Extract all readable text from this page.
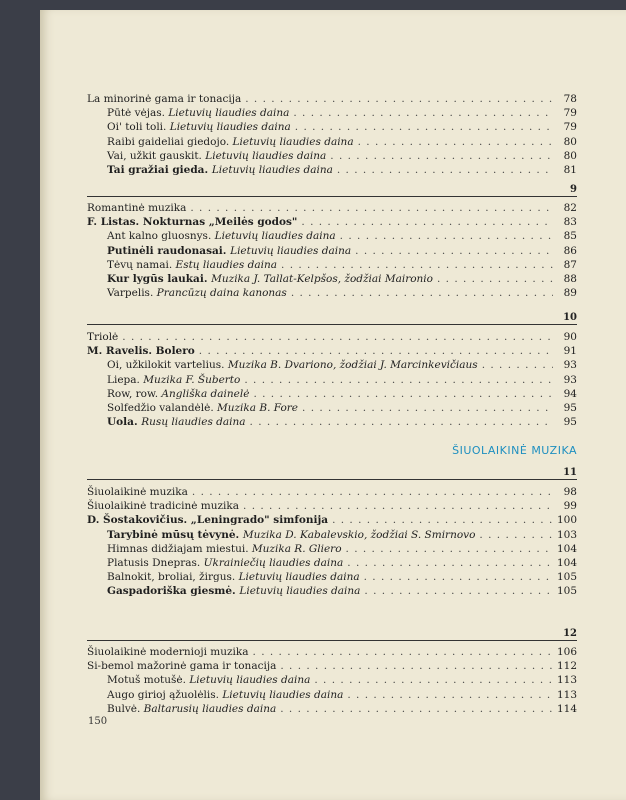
La minorinė gama ir tonacija . . .	78
Pūtė vėjas. Lietuvių liaudies daina . . .	79
Oi' toli toli. Lietuvių liaudies daina . . .	79
Raibi gaideliai giedojo. Lietuvių liaudies daina . . .	80
Vai, užkit gauskit. Lietuvių liaudies daina . . .	80
Tai gražiai gieda. Lietuvių liaudies daina . . .	81
9
Romantinė muzika . . .	82
F. Listas. Nokturnas „Meilės godos" . . .	83
Ant kalno gluosnys. Lietuvių liaudies daina . . .	85
Putinėli raudonasai. Lietuvių liaudies daina . . .	86
Tėvų namai. Estų liaudies daina . . .	87
Kur lygūs laukai. Muzika J. Tallat-Kelpšos, žodžiai Maironio . . .	88
Varpelis. Prancūzų daina kanonas . . .	89
10
Triolė . . .	90
M. Ravelis. Bolero . . .	91
Oi, užkilokit vartelius. Muzika B. Dvariono, žodžiai J. Marcinkevičiaus . . .	93
Liepa. Muzika F. Šuberto . . .	93
Row, row. Angliška dainelė . . .	94
Solfedžio valandėlė. Muzika B. Fore . . .	95
Uola. Rusų liaudies daina . . .	95
ŠIUOLAIKINĖ MUZIKA
11
Šiuolaikinė muzika . . .	98
Šiuolaikinė tradicinė muzika . . .	99
D. Šostakovičius. „Leningrado" simfonija . . .	100
Tarybinė mūsų tėvynė. Muzika D. Kabalevskio, žodžiai S. Smirnovo . . .	103
Himnas didžiajam miestui. Muzika R. Gliero . . .	104
Platusis Dnepras. Ukrainiečių liaudies daina . . .	104
Balnokit, broliai, žirgus. Lietuvių liaudies daina . . .	105
Gaspadoriška giesmė. Lietuvių liaudies daina . . .	105
12
Šiuolaikinė modernioji muzika . . .	106
Si-bemol mažorinė gama ir tonacija . . .	112
Motuš motušė. Lietuvių liaudies daina . . .	113
Augo girioj ąžuolėlis. Lietuvių liaudies daina . . .	113
Bulvė. Baltarusių liaudies daina . . .	114
150
